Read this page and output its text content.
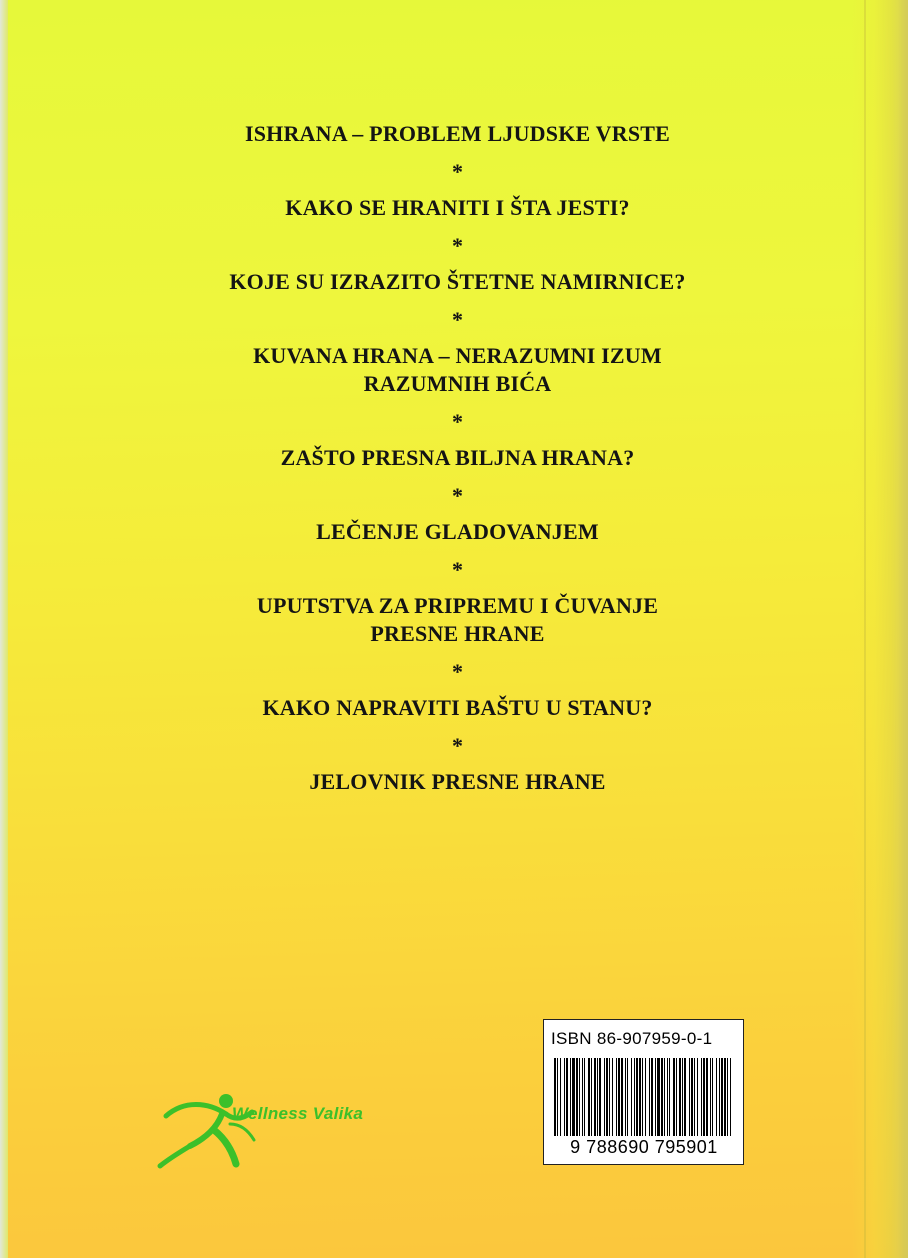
ISHRANA – PROBLEM LJUDSKE VRSTE
*
KAKO SE HRANITI I ŠTA JESTI?
*
KOJE SU IZRAZITO ŠTETNE NAMIRNICE?
*
KUVANA HRANA – NERAZUMNI IZUM
RAZUMNIH BIĆA
*
ZAŠTO PRESNA BILJNA HRANA?
*
LEČENJE GLADOVANJEM
*
UPUTSTVA ZA PRIPREMU I ČUVANJE
PRESNE HRANE
*
KAKO NAPRAVITI BAŠTU U STANU?
*
JELOVNIK PRESNE HRANE
Wellness Valika
ISBN 86-907959-0-1
9 788690 795901
